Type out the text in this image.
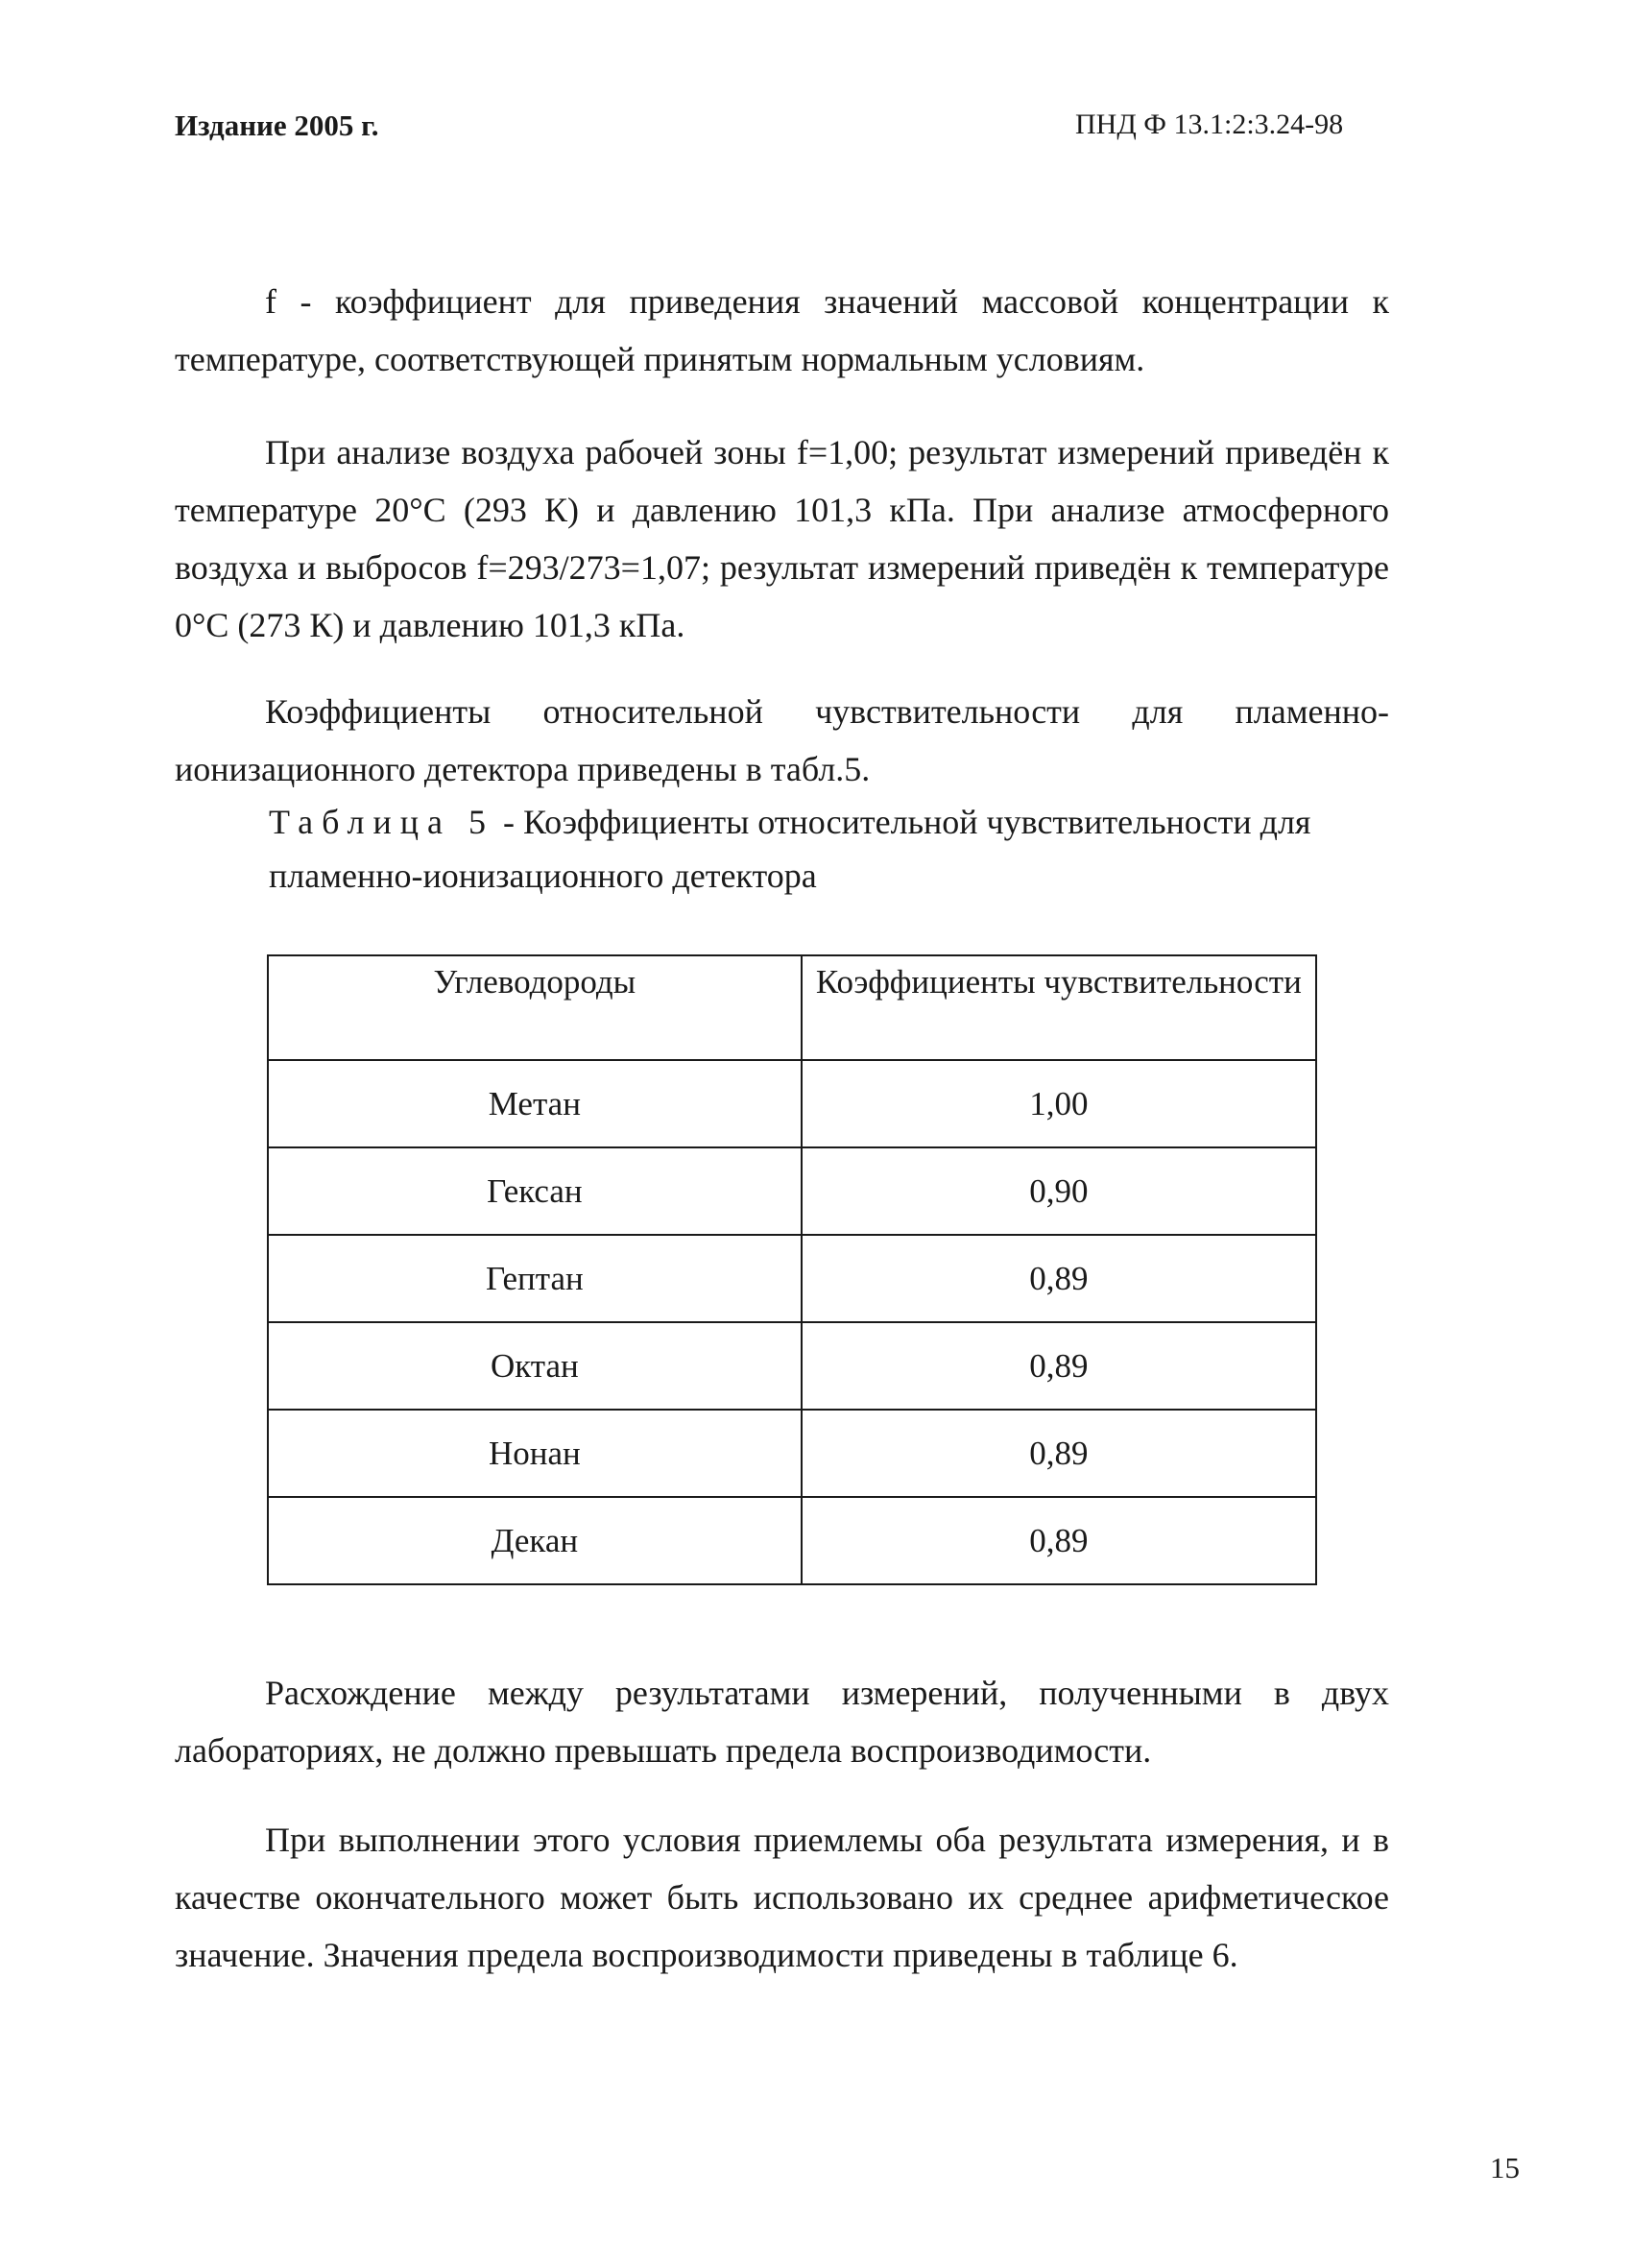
Издание 2005 г.	ПНД Ф 13.1:2:3.24-98

f - коэффициент для приведения значений массовой концентрации к температуре, соответствующей принятым нормальным условиям.

При анализе воздуха рабочей зоны f=1,00; результат измерений приведён к температуре 20°С (293 К) и давлению 101,3 кПа. При анализе атмосферного воздуха и выбросов f=293/273=1,07; результат измерений приведён к температуре 0°С (273 К) и давлению 101,3 кПа.

Коэффициенты относительной чувствительности для пламенно-ионизационного детектора приведены в табл.5.

Таблица 5 - Коэффициенты относительной чувствительности для пламенно-ионизационного детектора
Углеводороды	Коэффициенты чувствительности
Метан	1,00
Гексан	0,90
Гептан	0,89
Октан	0,89
Нонан	0,89
Декан	0,89

Расхождение между результатами измерений, полученными в двух лабораториях, не должно превышать предела воспроизводимости.

При выполнении этого условия приемлемы оба результата измерения, и в качестве окончательного может быть использовано их среднее арифметическое значение. Значения предела воспроизводимости приведены в таблице 6.

15
